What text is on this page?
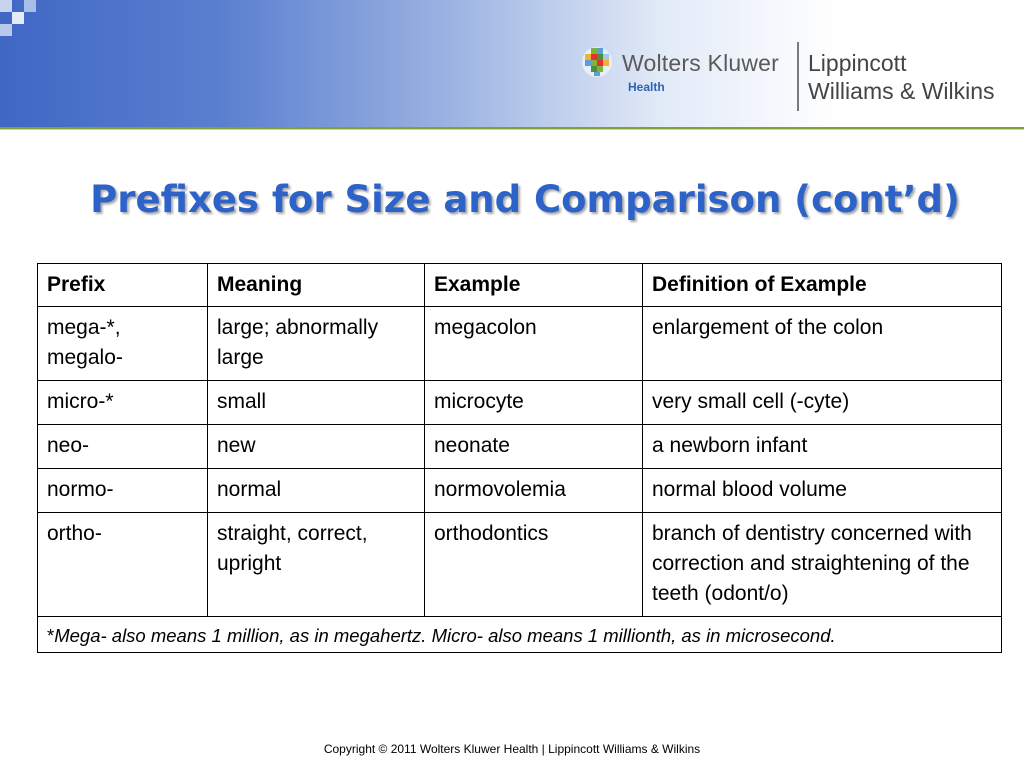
Wolters Kluwer
Health
Lippincott
Williams & Wilkins
Prefixes for Size and Comparison (cont’d)
Prefix	Meaning	Example	Definition of Example
mega-*, megalo-	large; abnormally large	megacolon	enlargement of the colon
micro-*	small	microcyte	very small cell (-cyte)
neo-	new	neonate	a newborn infant
normo-	normal	normovolemia	normal blood volume
ortho-	straight, correct, upright	orthodontics	branch of dentistry concerned with correction and straightening of the teeth (odont/o)
*Mega- also means 1 million, as in megahertz. Micro- also means 1 millionth, as in microsecond.			
Copyright © 2011 Wolters Kluwer Health | Lippincott Williams & Wilkins
